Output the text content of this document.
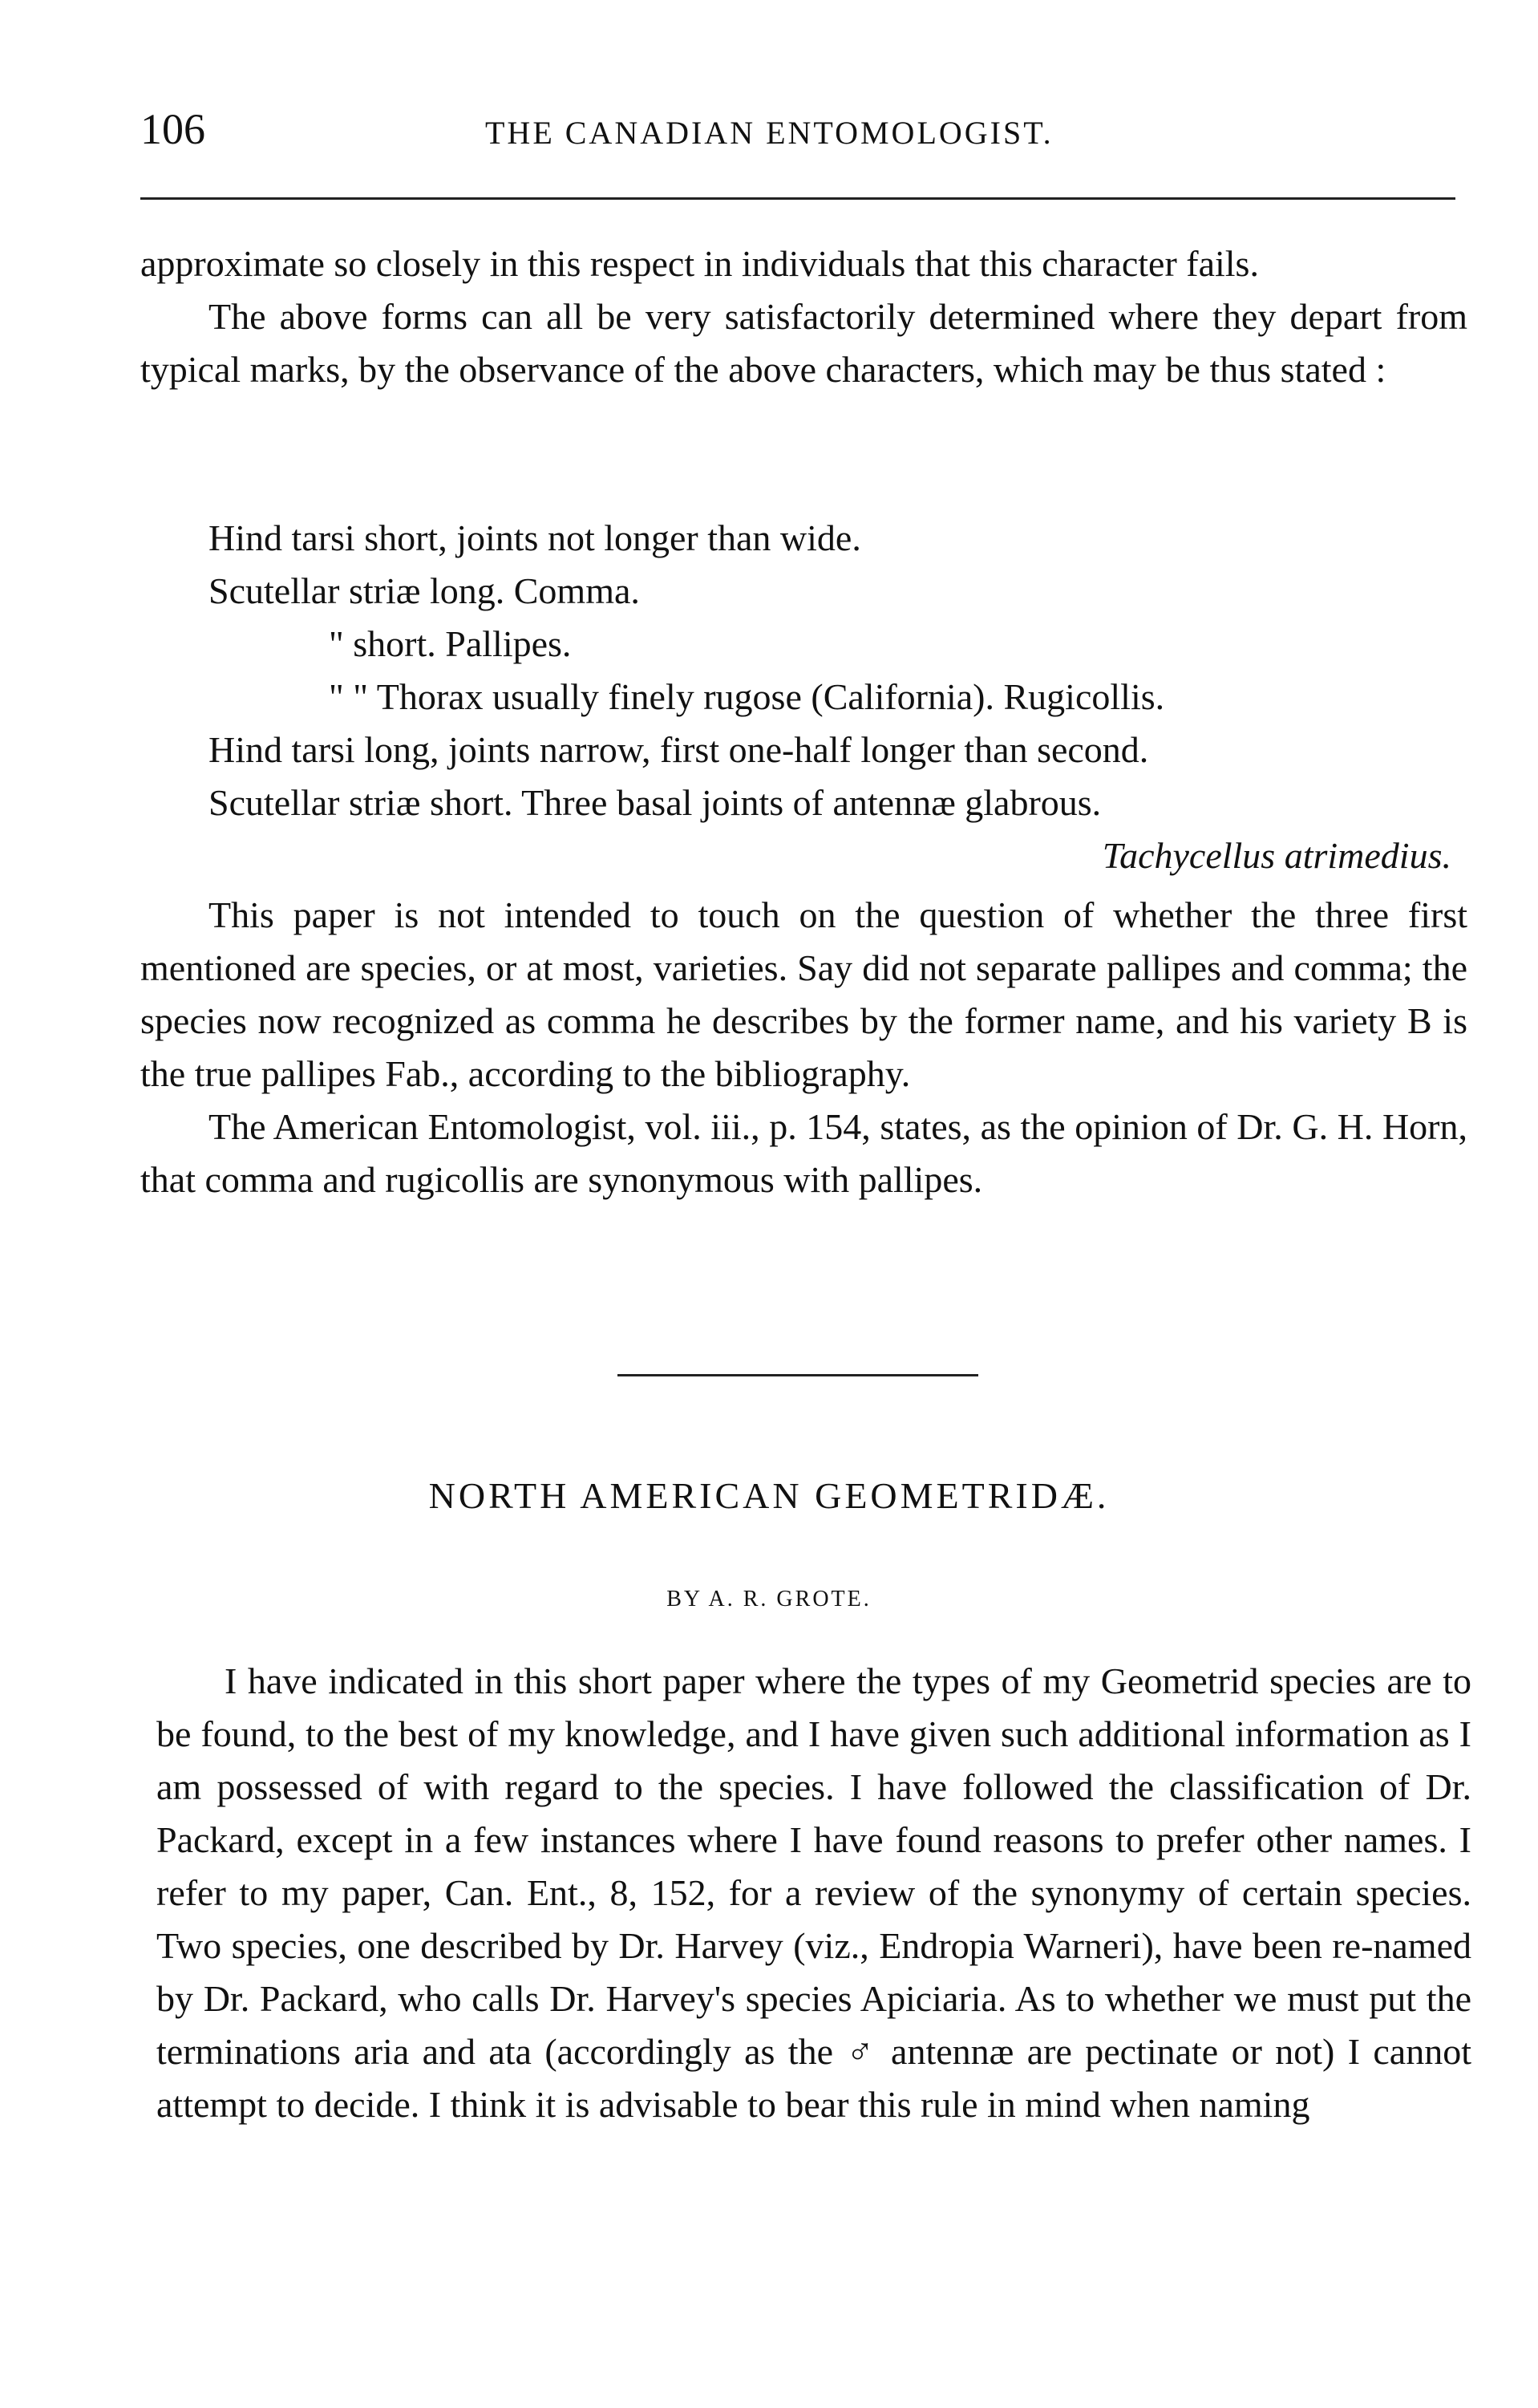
106	THE CANADIAN ENTOMOLOGIST.

approximate so closely in this respect in individuals that this character fails.

The above forms can all be very satisfactorily determined where they depart from typical marks, by the observance of the above characters, which may be thus stated :

Hind tarsi short, joints not longer than wide.

Scutellar striæ long. Comma.

" short. Pallipes.

" " Thorax usually finely rugose (California). Rugicollis.

Hind tarsi long, joints narrow, first one-half longer than second.

Scutellar striæ short. Three basal joints of antennæ glabrous.

Tachycellus atrimedius.

This paper is not intended to touch on the question of whether the three first mentioned are species, or at most, varieties. Say did not separate pallipes and comma; the species now recognized as comma he describes by the former name, and his variety B is the true pallipes Fab., according to the bibliography.

The American Entomologist, vol. iii., p. 154, states, as the opinion of Dr. G. H. Horn, that comma and rugicollis are synonymous with pallipes.

NORTH AMERICAN GEOMETRIDÆ.
BY A. R. GROTE.

I have indicated in this short paper where the types of my Geometrid species are to be found, to the best of my knowledge, and I have given such additional information as I am possessed of with regard to the species. I have followed the classification of Dr. Packard, except in a few instances where I have found reasons to prefer other names. I refer to my paper, Can. Ent., 8, 152, for a review of the synonymy of certain species. Two species, one described by Dr. Harvey (viz., Endropia Warneri), have been re-named by Dr. Packard, who calls Dr. Harvey's species Apiciaria. As to whether we must put the terminations aria and ata (accordingly as the ♂ antennæ are pectinate or not) I cannot attempt to decide. I think it is advisable to bear this rule in mind when naming
